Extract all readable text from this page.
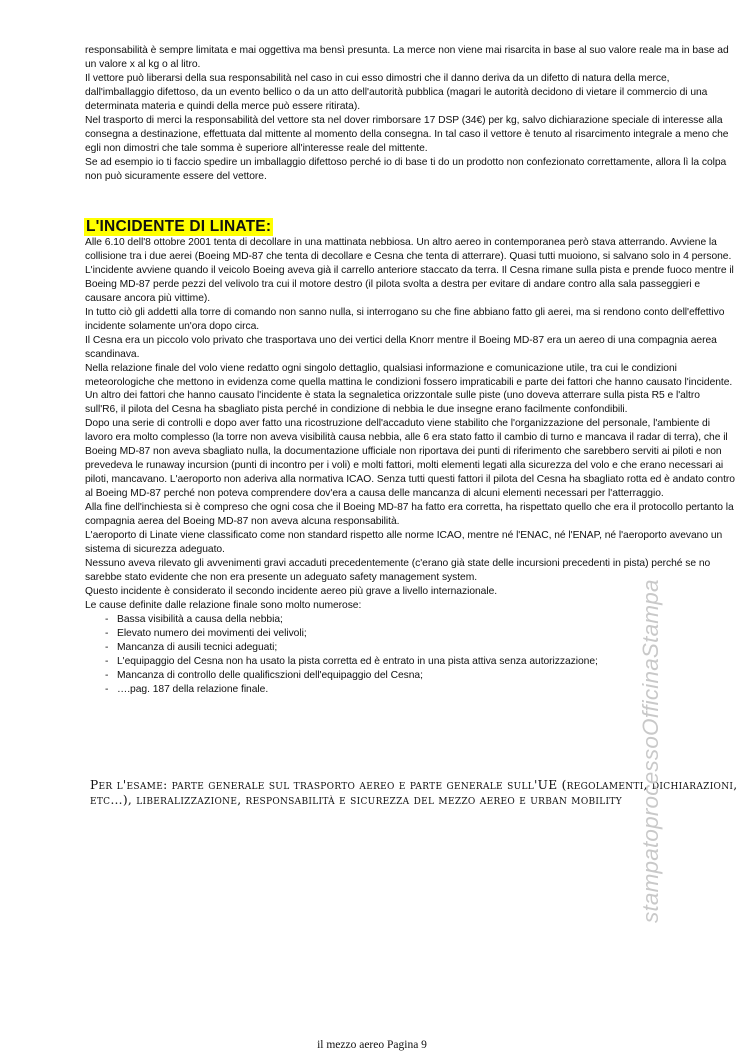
responsabilità è sempre limitata e mai oggettiva ma bensì presunta. La merce non viene mai risarcita in base al suo valore reale ma in base ad un valore x al kg o al litro.

Il vettore può liberarsi della sua responsabilità nel caso in cui esso dimostri che il danno deriva da un difetto di natura della merce, dall'imballaggio difettoso, da un evento bellico o da un atto dell'autorità pubblica (magari le autorità decidono di vietare il commercio di una determinata materia e quindi della merce può essere ritirata).

Nel trasporto di merci la responsabilità del vettore sta nel dover rimborsare 17 DSP (34€) per kg, salvo dichiarazione speciale di interesse alla consegna a destinazione, effettuata dal mittente al momento della consegna. In tal caso il vettore è tenuto al risarcimento integrale a meno che egli non dimostri che tale somma è superiore all'interesse reale del mittente.

Se ad esempio io ti faccio spedire un imballaggio difettoso perché io di base ti do un prodotto non confezionato correttamente, allora lì la colpa non può sicuramente essere del vettore.

L'INCIDENTE DI LINATE:

Alle 6.10 dell'8 ottobre 2001 tenta di decollare in una mattinata nebbiosa. Un altro aereo in contemporanea però stava atterrando. Avviene la collisione tra i due aerei (Boeing MD-87 che tenta di decollare e Cesna che tenta di atterrare). Quasi tutti muoiono, si salvano solo in 4 persone. L'incidente avviene quando il veicolo Boeing aveva già il carrello anteriore staccato da terra. Il Cesna rimane sulla pista e prende fuoco mentre il Boeing MD-87 perde pezzi del velivolo tra cui il motore destro (il pilota svolta a destra per evitare di andare contro alla sala passeggieri e causare ancora più vittime).

In tutto ciò gli addetti alla torre di comando non sanno nulla, si interrogano su che fine abbiano fatto gli aerei, ma si rendono conto dell'effettivo incidente solamente un'ora dopo circa.

Il Cesna era un piccolo volo privato che trasportava uno dei vertici della Knorr mentre il Boeing MD-87 era un aereo di una compagnia aerea scandinava.

Nella relazione finale del volo viene redatto ogni singolo dettaglio, qualsiasi informazione e comunicazione utile, tra cui le condizioni meteorologiche che mettono in evidenza come quella mattina le condizioni fossero impraticabili e parte dei fattori che hanno causato l'incidente. Un altro dei fattori che hanno causato l'incidente è stata la segnaletica orizzontale sulle piste (uno doveva atterrare sulla pista R5 e l'altro sull'R6, il pilota del Cesna ha sbagliato pista perché in condizione di nebbia le due insegne erano facilmente confondibili.

Dopo una serie di controlli e dopo aver fatto una ricostruzione dell'accaduto viene stabilito che l'organizzazione del personale, l'ambiente di lavoro era molto complesso (la torre non aveva visibilità causa nebbia, alle 6 era stato fatto il cambio di turno e mancava il radar di terra), che il Boeing MD-87 non aveva sbagliato nulla, la documentazione ufficiale non riportava dei punti di riferimento che sarebbero serviti ai piloti e non prevedeva le runaway incursion (punti di incontro per i voli) e molti fattori, molti elementi legati alla sicurezza del volo e che erano necessari ai piloti, mancavano. L'aeroporto non aderiva alla normativa ICAO. Senza tutti questi fattori il pilota del Cesna ha sbagliato rotta ed è andato contro al Boeing MD-87 perché non poteva comprendere dov'era a causa delle mancanza di alcuni elementi necessari per l'atterraggio.

Alla fine dell'inchiesta si è compreso che ogni cosa che il Boeing MD-87 ha fatto era corretta, ha rispettato quello che era il protocollo pertanto la compagnia aerea del Boeing MD-87 non aveva alcuna responsabilità.

L'aeroporto di Linate viene classificato come non standard rispetto alle norme ICAO, mentre né l'ENAC, né l'ENAP, né l'aeroporto avevano un sistema di sicurezza adeguato.

Nessuno aveva rilevato gli avvenimenti gravi accaduti precedentemente (c'erano già state delle incursioni precedenti in pista) perché se no sarebbe stato evidente che non era presente un adeguato safety management system.

Questo incidente è considerato il secondo incidente aereo più grave a livello internazionale.

Le cause definite dalle relazione finale sono molto numerose:

- Bassa visibilità a causa della nebbia;
- Elevato numero dei movimenti dei velivoli;
- Mancanza di ausili tecnici adeguati;
- L'equipaggio del Cesna non ha usato la pista corretta ed è entrato in una pista attiva senza autorizzazione;
- Mancanza di controllo delle qualificszioni dell'equipaggio del Cesna;
- ….pag. 187 della relazione finale.
Per l'esame: parte generale sul trasporto aereo e parte generale sull'UE (regolamenti, dichiarazioni, etc…), liberalizzazione, responsabilità e sicurezza del mezzo aereo e urban mobility stampatoprocessoOfficinaStampa
il mezzo aereo Pagina 9
